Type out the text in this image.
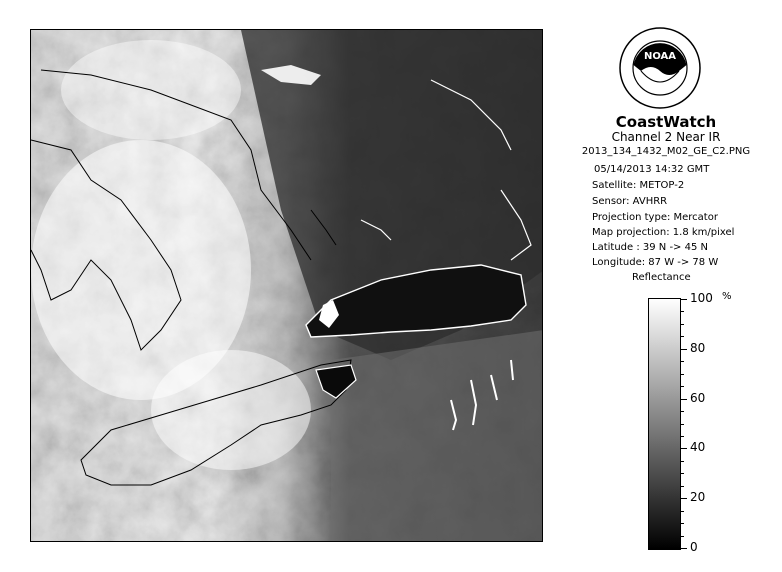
NOAA
CoastWatch
Channel 2 Near IR
2013_134_1432_M02_GE_C2.PNG
05/14/2013 14:32 GMT
Satellite: METOP-2
Sensor: AVHRR
Projection type: Mercator
Map projection: 1.8 km/pixel
Latitude : 39 N -> 45 N
Longitude: 87 W -> 78 W
Reflectance
%
100
80
60
40
20
0
